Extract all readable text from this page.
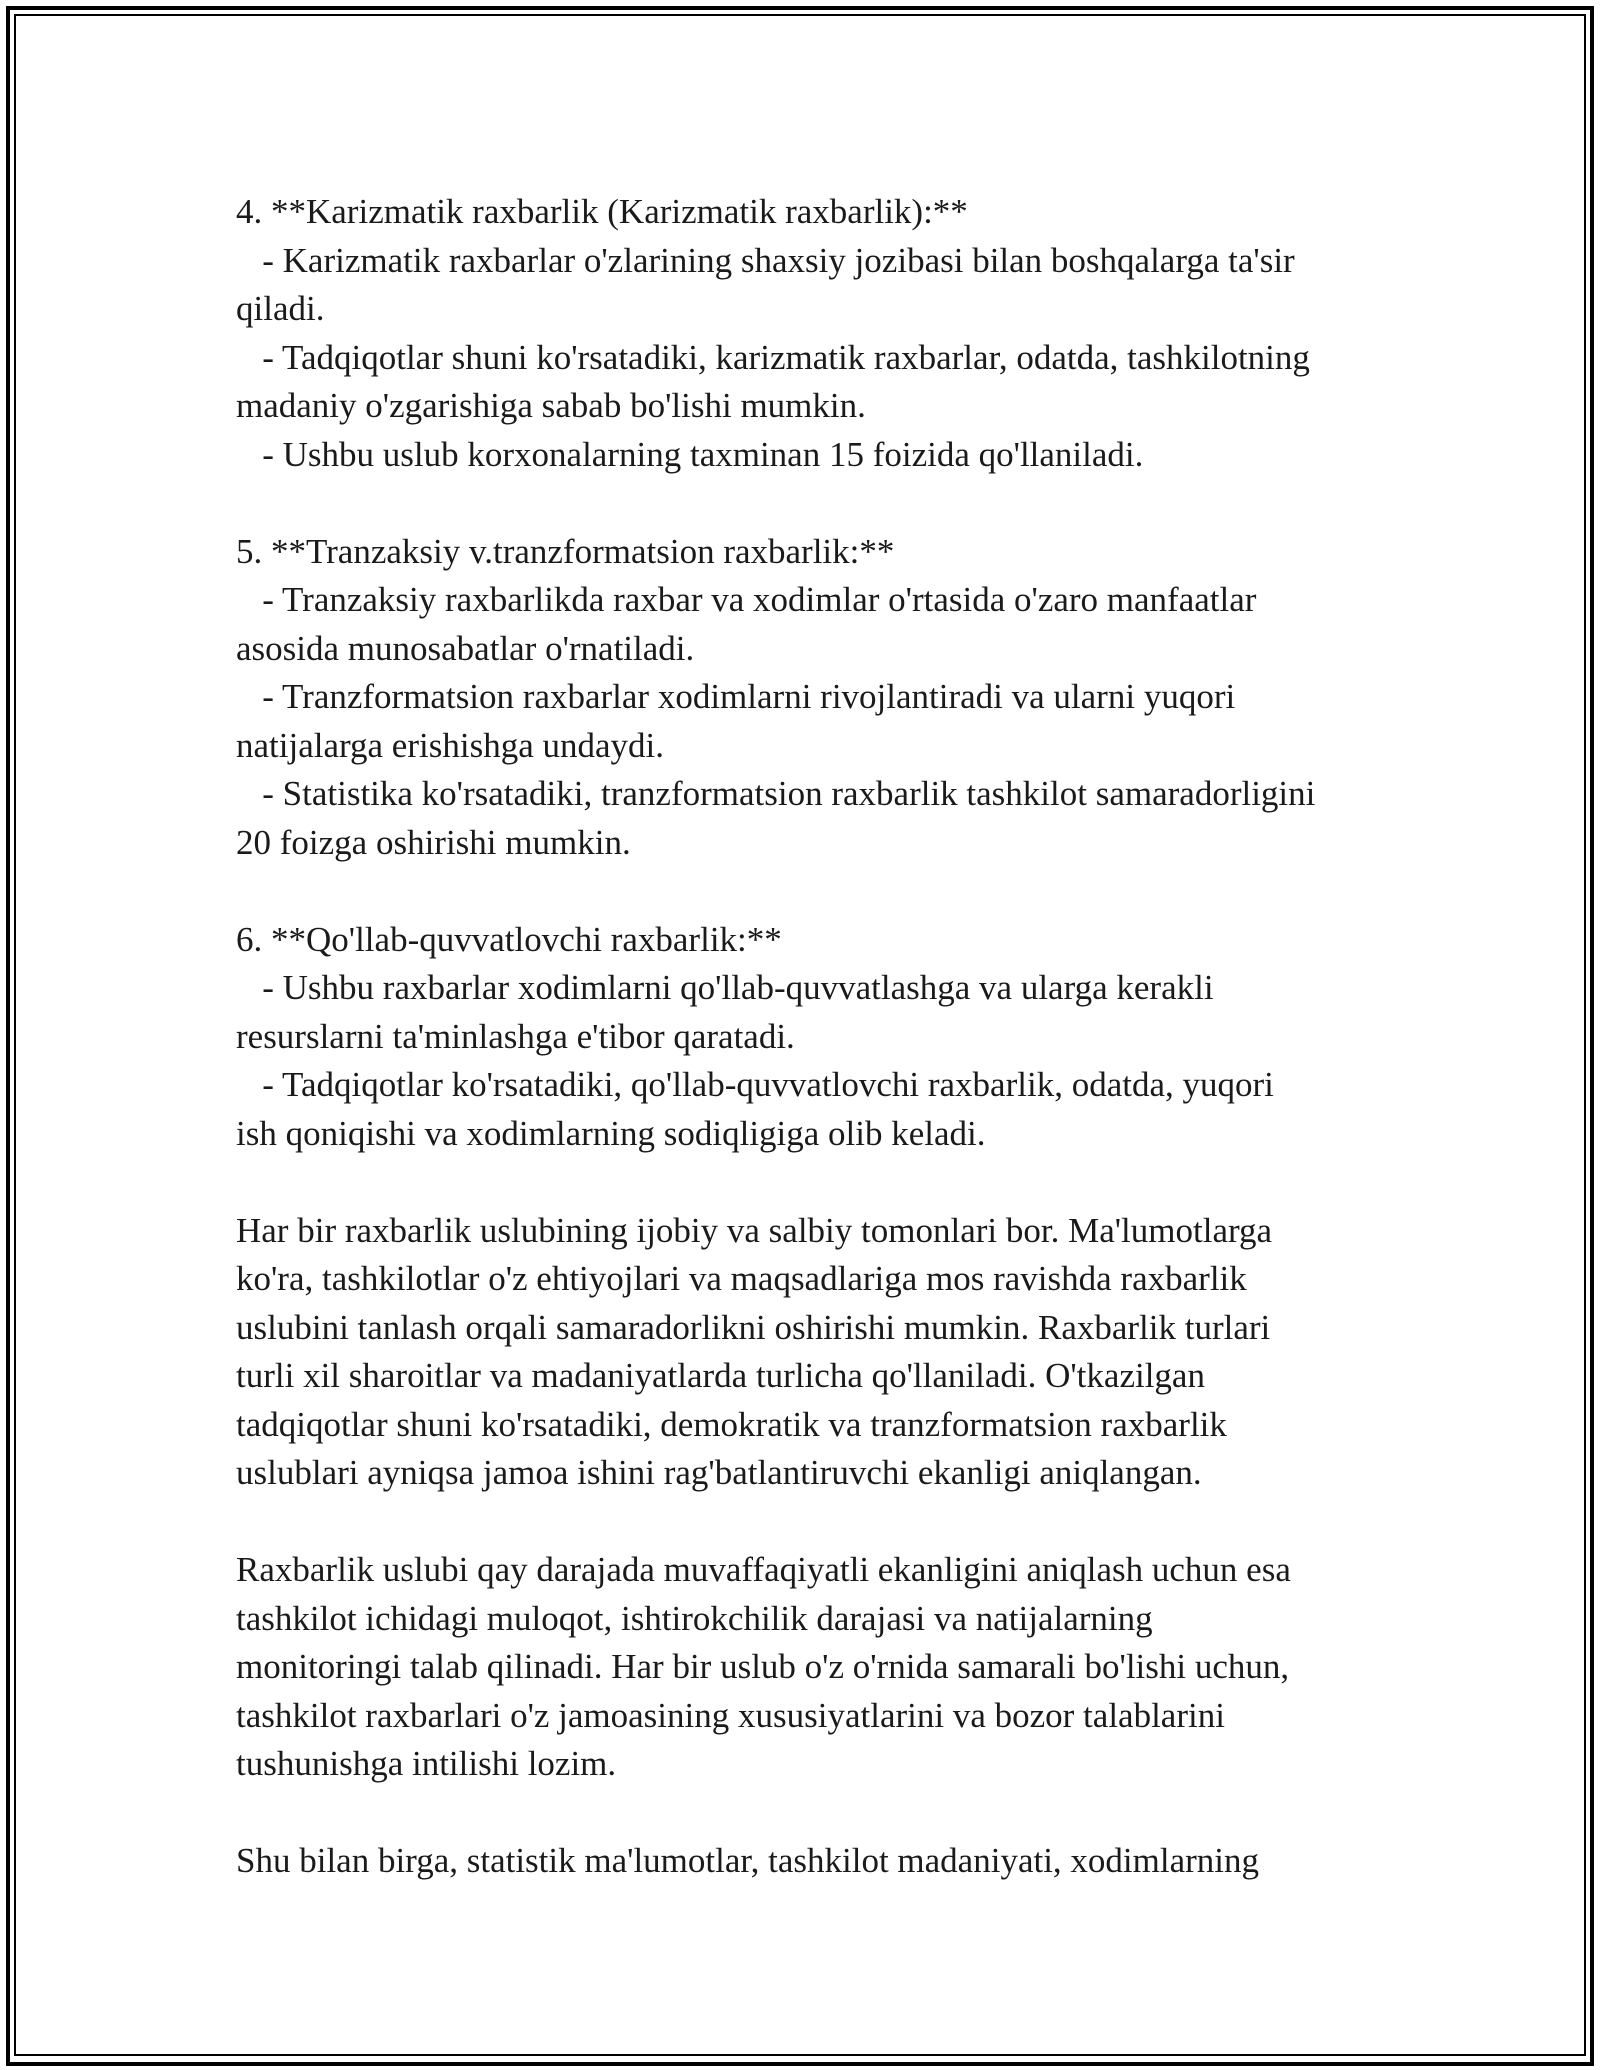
4. **Karizmatik raxbarlik (Karizmatik raxbarlik):**
- Karizmatik raxbarlar o'zlarining shaxsiy jozibasi bilan boshqalarga ta'sir
qiladi.
- Tadqiqotlar shuni ko'rsatadiki, karizmatik raxbarlar, odatda, tashkilotning
madaniy o'zgarishiga sabab bo'lishi mumkin.
- Ushbu uslub korxonalarning taxminan 15 foizida qo'llaniladi.
5. **Tranzaksiy v.tranzformatsion raxbarlik:**
- Tranzaksiy raxbarlikda raxbar va xodimlar o'rtasida o'zaro manfaatlar
asosida munosabatlar o'rnatiladi.
- Tranzformatsion raxbarlar xodimlarni rivojlantiradi va ularni yuqori
natijalarga erishishga undaydi.
- Statistika ko'rsatadiki, tranzformatsion raxbarlik tashkilot samaradorligini
20 foizga oshirishi mumkin.
6. **Qo'llab-quvvatlovchi raxbarlik:**
- Ushbu raxbarlar xodimlarni qo'llab-quvvatlashga va ularga kerakli
resurslarni ta'minlashga e'tibor qaratadi.
- Tadqiqotlar ko'rsatadiki, qo'llab-quvvatlovchi raxbarlik, odatda, yuqori
ish qoniqishi va xodimlarning sodiqligiga olib keladi.
Har bir raxbarlik uslubining ijobiy va salbiy tomonlari bor. Ma'lumotlarga
ko'ra, tashkilotlar o'z ehtiyojlari va maqsadlariga mos ravishda raxbarlik
uslubini tanlash orqali samaradorlikni oshirishi mumkin. Raxbarlik turlari
turli xil sharoitlar va madaniyatlarda turlicha qo'llaniladi. O'tkazilgan
tadqiqotlar shuni ko'rsatadiki, demokratik va tranzformatsion raxbarlik
uslublari ayniqsa jamoa ishini rag'batlantiruvchi ekanligi aniqlangan.
Raxbarlik uslubi qay darajada muvaffaqiyatli ekanligini aniqlash uchun esa
tashkilot ichidagi muloqot, ishtirokchilik darajasi va natijalarning
monitoringi talab qilinadi. Har bir uslub o'z o'rnida samarali bo'lishi uchun,
tashkilot raxbarlari o'z jamoasining xususiyatlarini va bozor talablarini
tushunishga intilishi lozim.
Shu bilan birga, statistik ma'lumotlar, tashkilot madaniyati, xodimlarning
